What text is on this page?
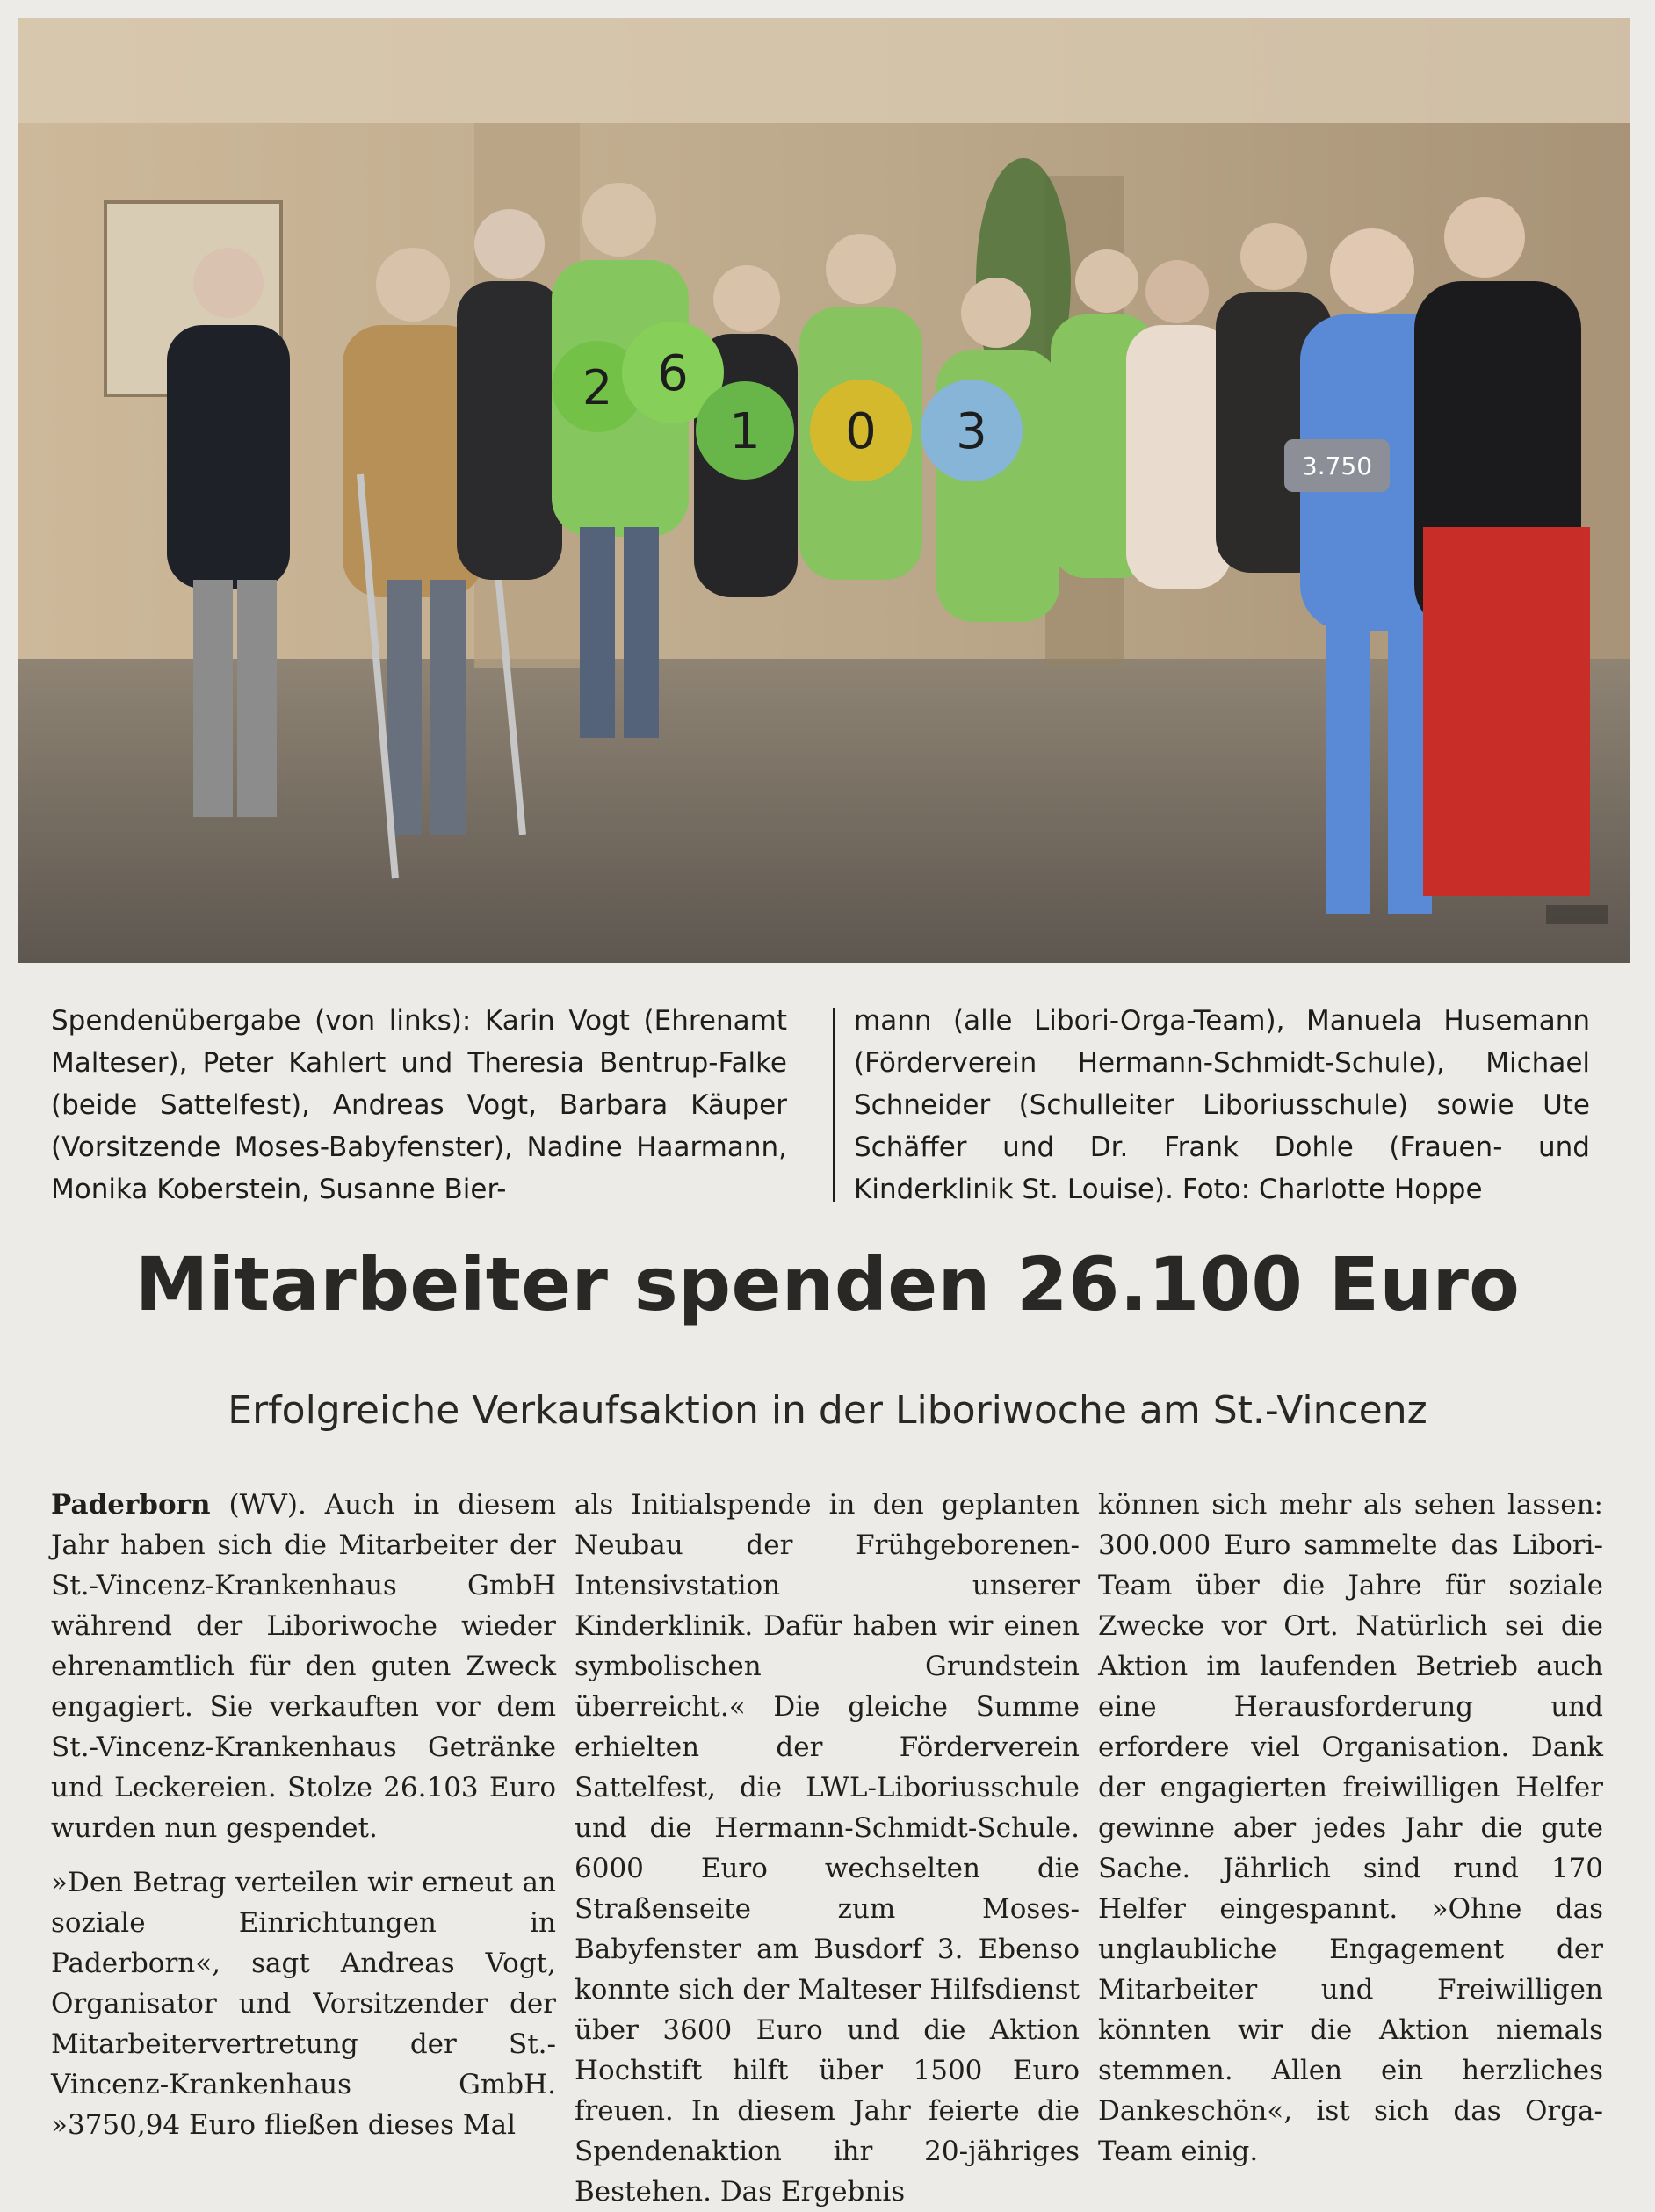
3.750
2 6
1 0 3
Spendenübergabe (von links): Karin Vogt (Ehrenamt Malteser), Peter Kahlert und Theresia Bentrup-Falke (beide Sattelfest), Andreas Vogt, Barbara Käuper (Vorsitzende Moses-Babyfenster), Nadine Haarmann, Monika Koberstein, Susanne Bier-
mann (alle Libori-Orga-Team), Manuela Husemann (Förderverein Hermann-Schmidt-Schule), Michael Schneider (Schulleiter Liboriusschule) sowie Ute Schäffer und Dr. Frank Dohle (Frauen- und Kinderklinik St. Louise). Foto: Charlotte Hoppe
Mitarbeiter spenden 26.100 Euro
Erfolgreiche Verkaufsaktion in der Liboriwoche am St.-Vincenz

Paderborn (WV). Auch in diesem Jahr haben sich die Mitarbeiter der St.-Vincenz-Krankenhaus GmbH während der Liboriwoche wieder ehrenamtlich für den guten Zweck engagiert. Sie verkauften vor dem St.-Vincenz-Krankenhaus Getränke und Leckereien. Stolze 26.103 Euro wurden nun gespendet.

»Den Betrag verteilen wir erneut an soziale Einrichtungen in Paderborn«, sagt Andreas Vogt, Organisator und Vorsitzender der Mitarbeitervertretung der St.-Vincenz-Krankenhaus GmbH. »3750,94 Euro fließen dieses Mal

als Initialspende in den geplanten Neubau der Frühgeborenen-Intensivstation unserer Kinderklinik. Dafür haben wir einen symbolischen Grundstein überreicht.« Die gleiche Summe erhielten der Förderverein Sattelfest, die LWL-Liboriusschule und die Hermann-Schmidt-Schule. 6000 Euro wechselten die Straßenseite zum Moses-Babyfenster am Busdorf 3. Ebenso konnte sich der Malteser Hilfsdienst über 3600 Euro und die Aktion Hochstift hilft über 1500 Euro freuen. In diesem Jahr feierte die Spendenaktion ihr 20-jähriges Bestehen. Das Ergebnis

können sich mehr als sehen lassen: 300.000 Euro sammelte das Libori-Team über die Jahre für soziale Zwecke vor Ort. Natürlich sei die Aktion im laufenden Betrieb auch eine Herausforderung und erfordere viel Organisation. Dank der engagierten freiwilligen Helfer gewinne aber jedes Jahr die gute Sache. Jährlich sind rund 170 Helfer eingespannt. »Ohne das unglaubliche Engagement der Mitarbeiter und Freiwilligen könnten wir die Aktion niemals stemmen. Allen ein herzliches Dankeschön«, ist sich das Orga-Team einig.
